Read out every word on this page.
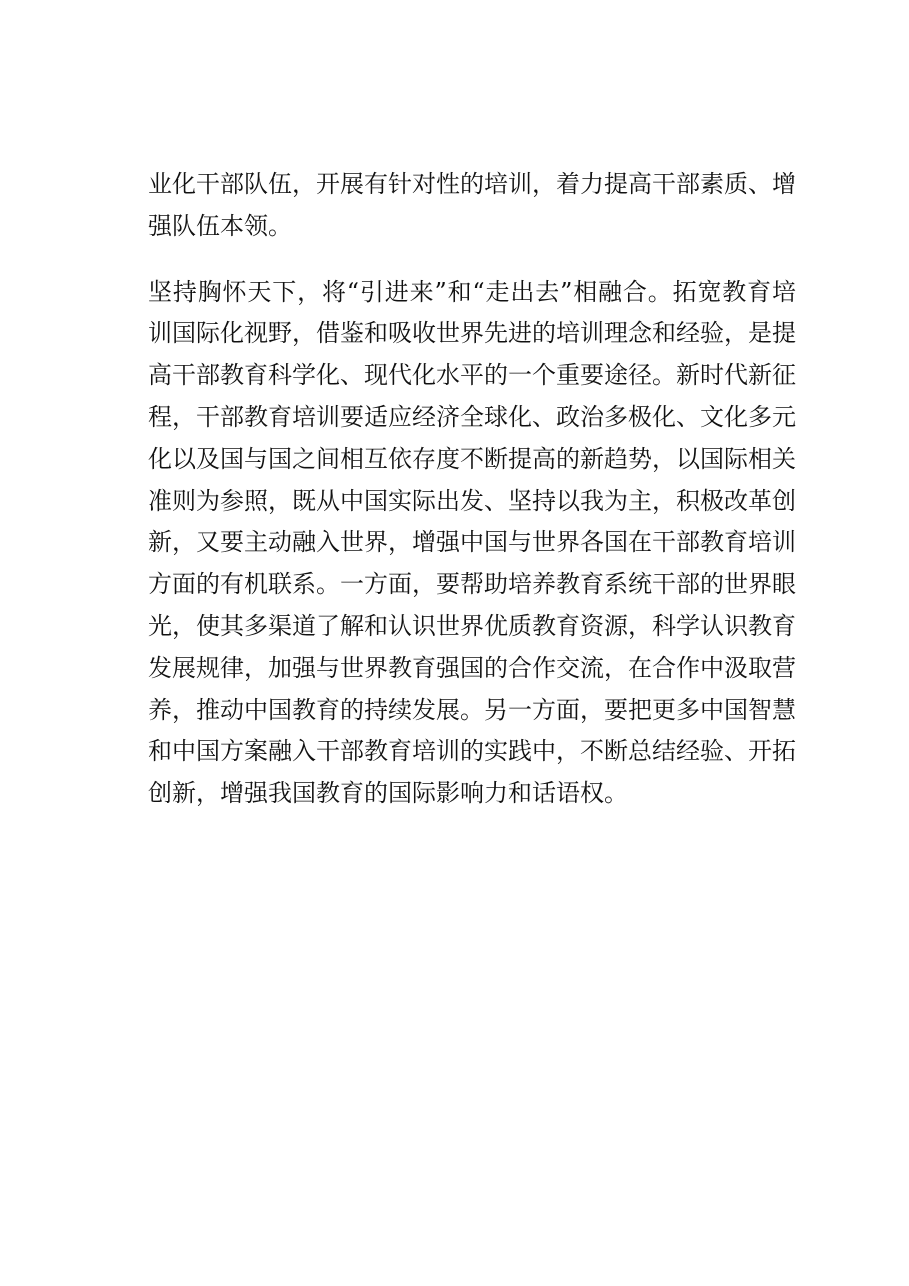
业化干部队伍，开展有针对性的培训，着力提高干部素质、增强队伍本领。

坚持胸怀天下，将“引进来”和“走出去”相融合。拓宽教育培训国际化视野，借鉴和吸收世界先进的培训理念和经验，是提高干部教育科学化、现代化水平的一个重要途径。新时代新征程，干部教育培训要适应经济全球化、政治多极化、文化多元化以及国与国之间相互依存度不断提高的新趋势，以国际相关准则为参照，既从中国实际出发、坚持以我为主，积极改革创新，又要主动融入世界，增强中国与世界各国在干部教育培训方面的有机联系。一方面，要帮助培养教育系统干部的世界眼光，使其多渠道了解和认识世界优质教育资源，科学认识教育发展规律，加强与世界教育强国的合作交流，在合作中汲取营养，推动中国教育的持续发展。另一方面，要把更多中国智慧和中国方案融入干部教育培训的实践中，不断总结经验、开拓创新，增强我国教育的国际影响力和话语权。
